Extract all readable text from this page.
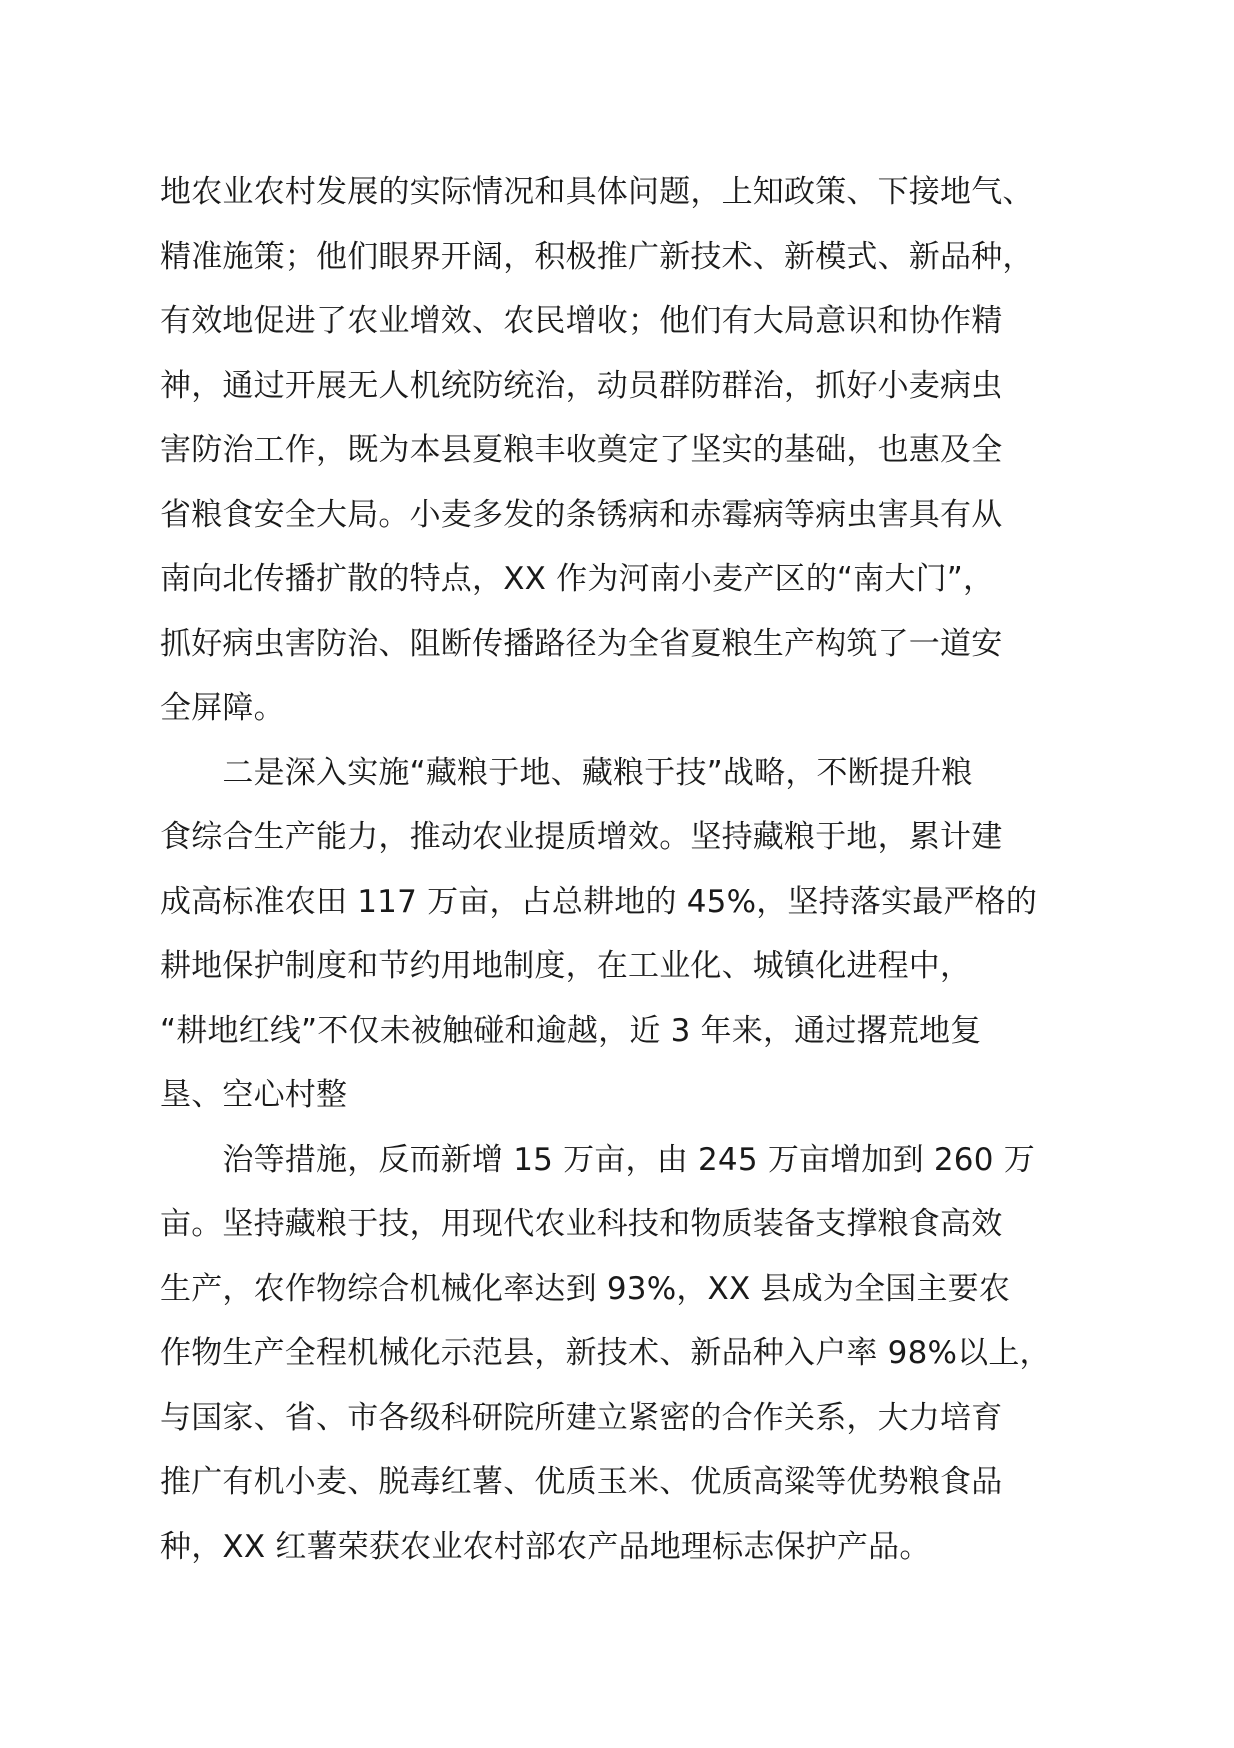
地农业农村发展的实际情况和具体问题，上知政策、下接地气、
精准施策；他们眼界开阔，积极推广新技术、新模式、新品种，
有效地促进了农业增效、农民增收；他们有大局意识和协作精
神，通过开展无人机统防统治，动员群防群治，抓好小麦病虫
害防治工作，既为本县夏粮丰收奠定了坚实的基础，也惠及全
省粮食安全大局。小麦多发的条锈病和赤霉病等病虫害具有从
南向北传播扩散的特点，XX 作为河南小麦产区的“南大门”，
抓好病虫害防治、阻断传播路径为全省夏粮生产构筑了一道安
全屏障。
　　二是深入实施“藏粮于地、藏粮于技”战略，不断提升粮
食综合生产能力，推动农业提质增效。坚持藏粮于地，累计建
成高标准农田 117 万亩，占总耕地的 45%，坚持落实最严格的
耕地保护制度和节约用地制度，在工业化、城镇化进程中，
“耕地红线”不仅未被触碰和逾越，近 3 年来，通过撂荒地复
垦、空心村整
　　治等措施，反而新增 15 万亩，由 245 万亩增加到 260 万
亩。坚持藏粮于技，用现代农业科技和物质装备支撑粮食高效
生产，农作物综合机械化率达到 93%，XX 县成为全国主要农
作物生产全程机械化示范县，新技术、新品种入户率 98%以上，
与国家、省、市各级科研院所建立紧密的合作关系，大力培育
推广有机小麦、脱毒红薯、优质玉米、优质高粱等优势粮食品
种，XX 红薯荣获农业农村部农产品地理标志保护产品。
